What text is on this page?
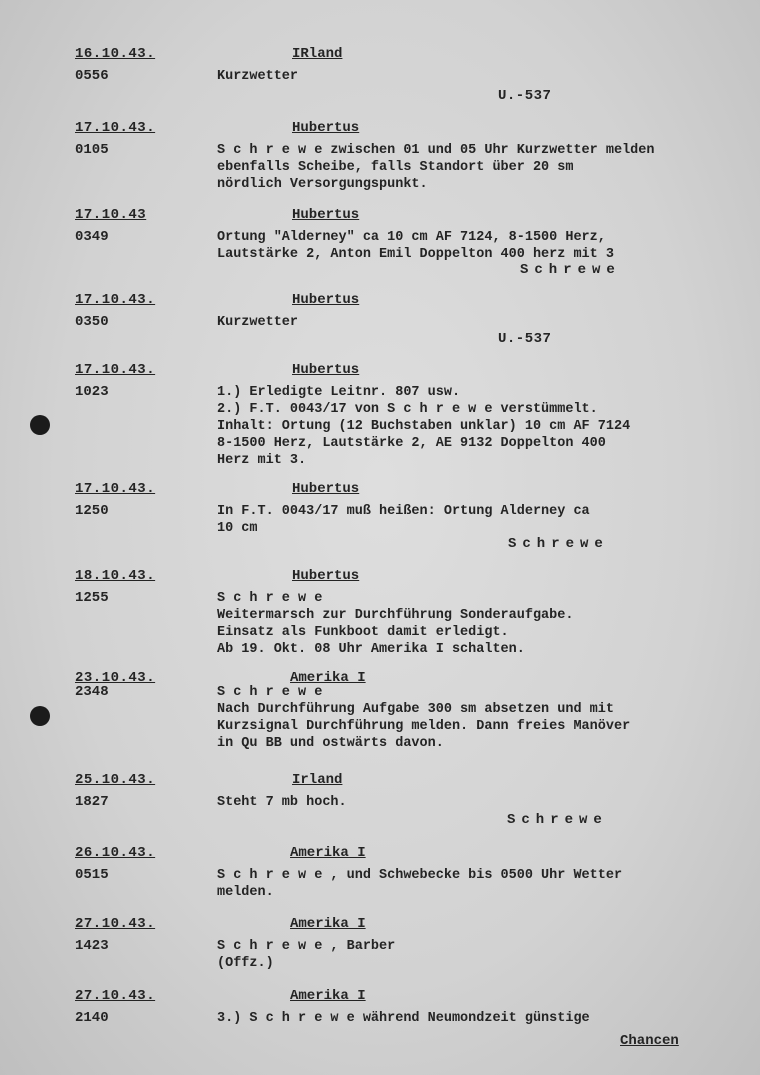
16.10.43.	IRland
0556	Kurzwetter
U.-537
17.10.43.	Hubertus
0105	S c h r e w e zwischen 01 und 05 Uhr Kurzwetter melden
ebenfalls Scheibe, falls Standort über 20 sm
nördlich Versorgungspunkt.
17.10.43	Hubertus
0349	Ortung "Alderney" ca 10 cm AF 7124, 8-1500 Herz,
Lautstärke 2, Anton Emil Doppelton 400 herz mit 3
Schrewe
17.10.43.	Hubertus
0350	Kurzwetter
U.-537
17.10.43.	Hubertus
1023	1.) Erledigte Leitnr. 807 usw.
2.) F.T. 0043/17 von S c h r e w e verstümmelt.
Inhalt: Ortung (12 Buchstaben unklar) 10 cm AF 7124
8-1500 Herz, Lautstärke 2, AE 9132 Doppelton 400
Herz mit 3.
17.10.43.	Hubertus
1250	In F.T. 0043/17 muß heißen: Ortung Alderney ca
10 cm
Schrewe
18.10.43.	Hubertus
1255	S c h r e w e
Weitermarsch zur Durchführung Sonderaufgabe.
Einsatz als Funkboot damit erledigt.
Ab 19. Okt. 08 Uhr Amerika I schalten.
23.10.43.	Amerika I
2348	S c h r e w e
Nach Durchführung Aufgabe 300 sm absetzen und mit
Kurzsignal Durchführung melden. Dann freies Manöver
in Qu BB und ostwärts davon.
25.10.43.	Irland
1827	Steht 7 mb hoch.
Schrewe
26.10.43.	Amerika I
0515	S c h r e w e , und Schwebecke bis 0500 Uhr Wetter
melden.
27.10.43.	Amerika I
1423	S c h r e w e , Barber
(Offz.)
27.10.43.	Amerika I
2140	3.) S c h r e w e während Neumondzeit günstige
Chancen
